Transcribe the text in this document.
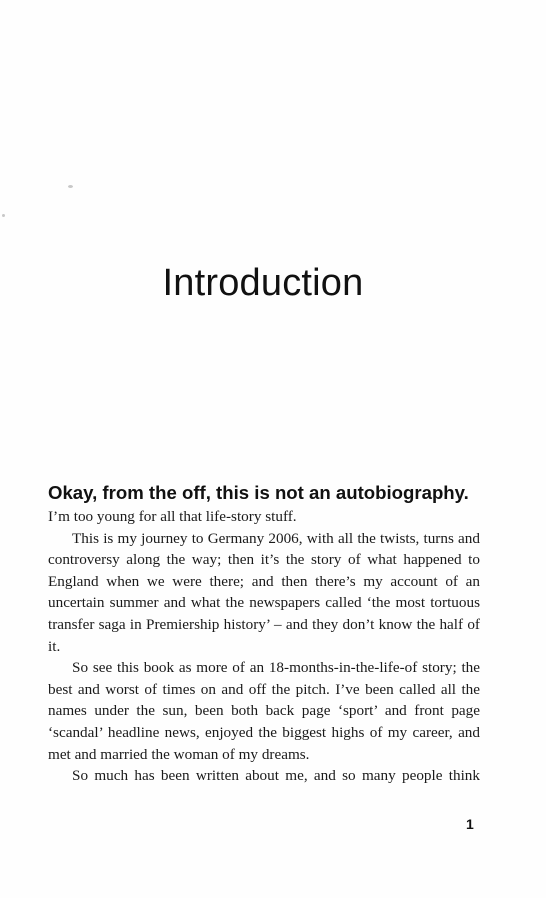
Introduction
Okay, from the off, this is not an autobiography.

I’m too young for all that life-story stuff.

This is my journey to Germany 2006, with all the twists, turns and controversy along the way; then it’s the story of what happened to England when we were there; and then there’s my account of an uncertain summer and what the newspapers called ‘the most tortuous transfer saga in Premiership history’ – and they don’t know the half of it.

So see this book as more of an 18-months-in-the-life-of story; the best and worst of times on and off the pitch. I’ve been called all the names under the sun, been both back page ‘sport’ and front page ‘scandal’ headline news, enjoyed the biggest highs of my career, and met and married the woman of my dreams.

So much has been written about me, and so many people think

1
